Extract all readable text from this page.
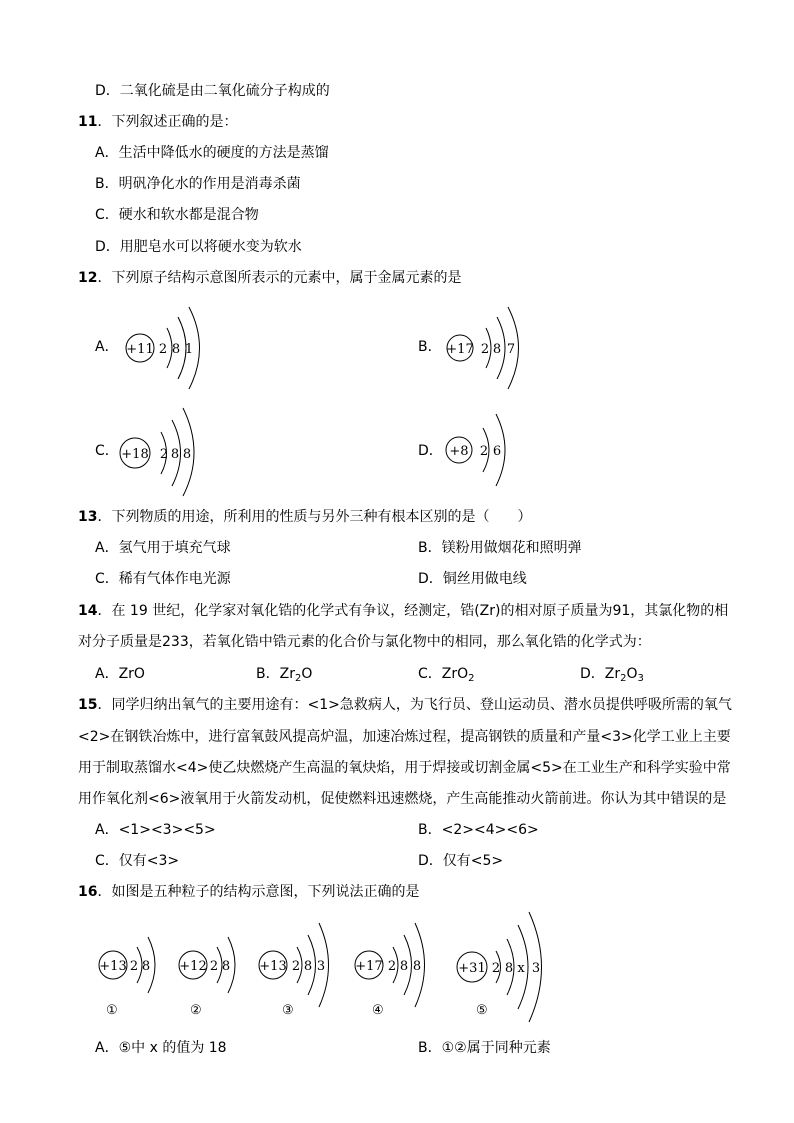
D．二氧化硫是由二氧化硫分子构成的
11．下列叙述正确的是：
A．生活中降低水的硬度的方法是蒸馏
B．明矾净化水的作用是消毒杀菌
C．硬水和软水都是混合物
D．用肥皂水可以将硬水变为软水
12．下列原子结构示意图所表示的元素中，属于金属元素的是
A． +11 2 8 1	B． +17 2 8 7
C． +18 2 8 8	D． +8 2 6
13．下列物质的用途，所利用的性质与另外三种有根本区别的是（　　）
A．氢气用于填充气球	B．镁粉用做烟花和照明弹
C．稀有气体作电光源	D．铜丝用做电线
14．在 19 世纪，化学家对氧化锆的化学式有争议，经测定，锆(Zr)的相对原子质量为91，其氯化物的相
对分子质量是233，若氧化锆中锆元素的化合价与氯化物中的相同，那么氧化锆的化学式为：
A．ZrO	B．$Zr_2O$	C．ZrO$_2$	D．$Zr_2O_3$
15．同学归纳出氧气的主要用途有：<1>急救病人，为飞行员、登山运动员、潜水员提供呼吸所需的氧气
<2>在钢铁冶炼中，进行富氧鼓风提高炉温，加速冶炼过程，提高钢铁的质量和产量<3>化学工业上主要
用于制取蒸馏水<4>使乙炔燃烧产生高温的氧炔焰，用于焊接或切割金属<5>在工业生产和科学实验中常
用作氧化剂<6>液氧用于火箭发动机，促使燃料迅速燃烧，产生高能推动火箭前进。你认为其中错误的是
A．<1><3><5>	B．<2><4><6>
C．仅有<3>	D．仅有<5>
16．如图是五种粒子的结构示意图，下列说法正确的是
+13 2 8
①
+12 2 8
②
+13 2 8 3
③
+17 2 8 8
④
+31 2 8 x 3
⑤
A．⑤中 x 的值为 18	B．①②属于同种元素
